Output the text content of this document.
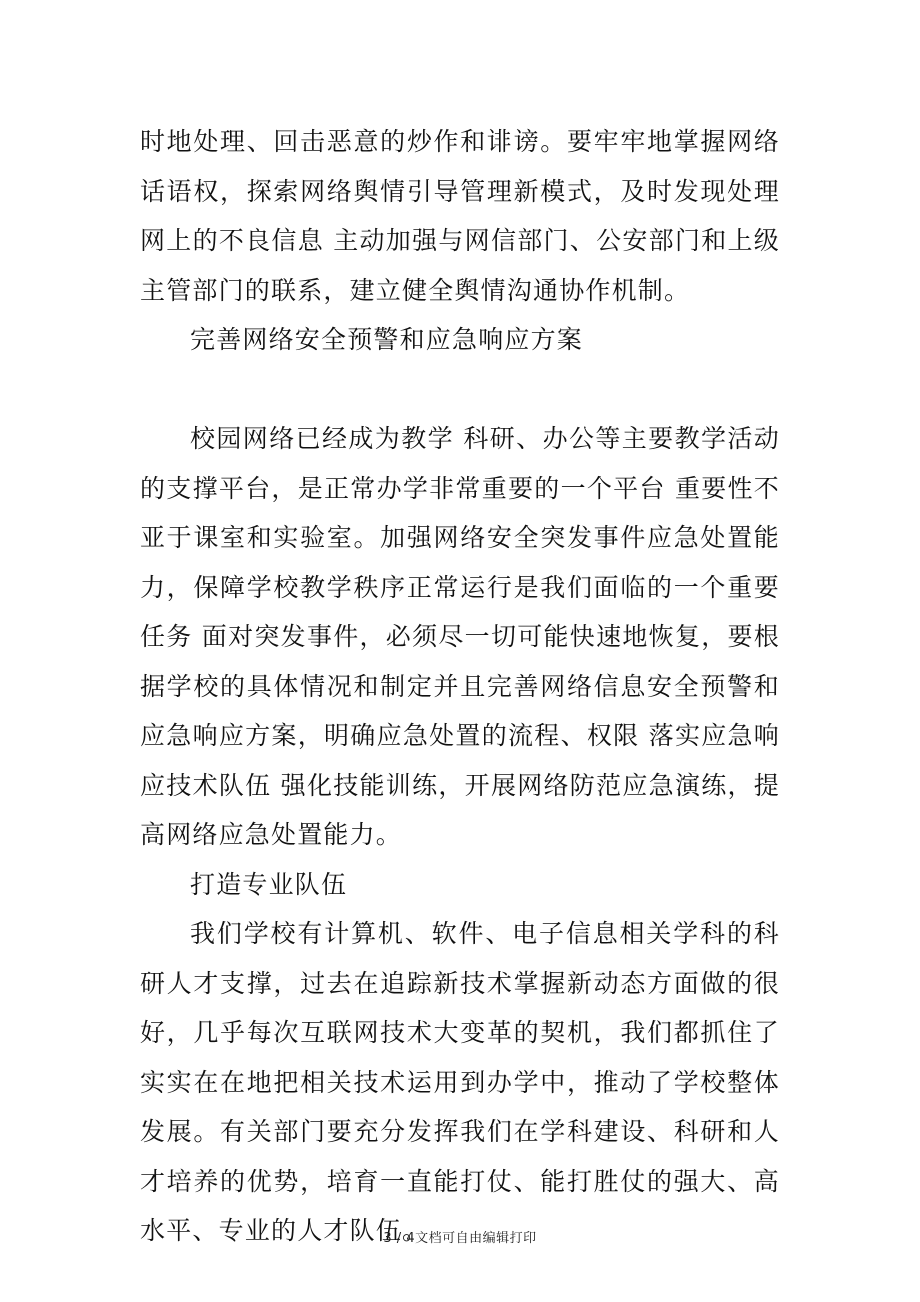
时地处理、回击恶意的炒作和诽谤。要牢牢地掌握网络话语权，探索网络舆情引导管理新模式，及时发现处理网上的不良信息 主动加强与网信部门、公安部门和上级主管部门的联系，建立健全舆情沟通协作机制。

完善网络安全预警和应急响应方案

校园网络已经成为教学 科研、办公等主要教学活动的支撑平台，是正常办学非常重要的一个平台 重要性不亚于课室和实验室。加强网络安全突发事件应急处置能力，保障学校教学秩序正常运行是我们面临的一个重要任务 面对突发事件，必须尽一切可能快速地恢复，要根据学校的具体情况和制定并且完善网络信息安全预警和应急响应方案，明确应急处置的流程、权限 落实应急响应技术队伍 强化技能训练，开展网络防范应急演练，提高网络应急处置能力。

打造专业队伍

我们学校有计算机、软件、电子信息相关学科的科研人才支撑，过去在追踪新技术掌握新动态方面做的很好，几乎每次互联网技术大变革的契机，我们都抓住了实实在在地把相关技术运用到办学中，推动了学校整体发展。有关部门要充分发挥我们在学科建设、科研和人才培养的优势，培育一直能打仗、能打胜仗的强大、高水平、专业的人才队伍。

3 / 4文档可自由编辑打印
